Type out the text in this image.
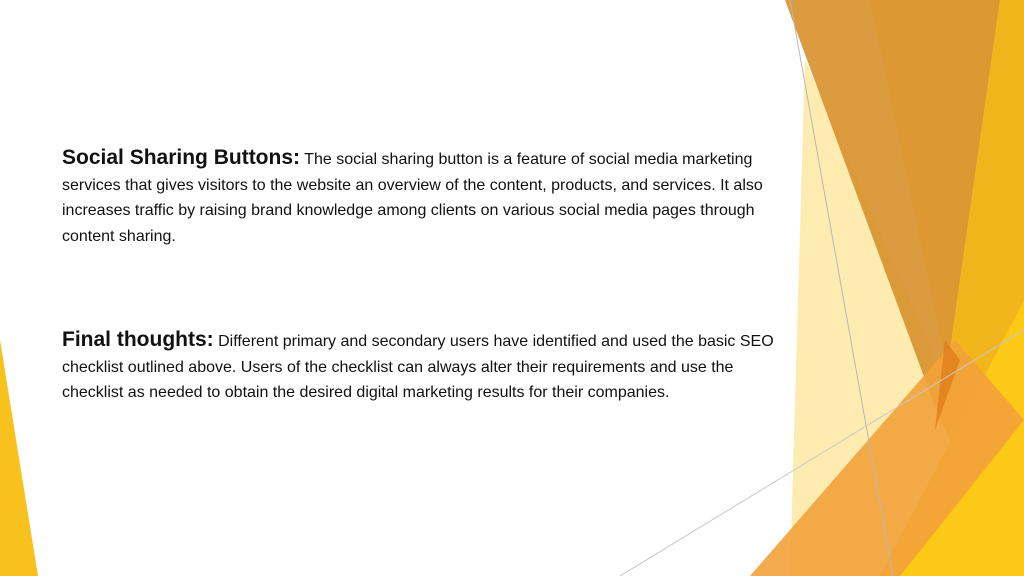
Social Sharing Buttons: The social sharing button is a feature of social media marketing services that gives visitors to the website an overview of the content, products, and services. It also increases traffic by raising brand knowledge among clients on various social media pages through content sharing.
Final thoughts: Different primary and secondary users have identified and used the basic SEO checklist outlined above. Users of the checklist can always alter their requirements and use the checklist as needed to obtain the desired digital marketing results for their companies.
